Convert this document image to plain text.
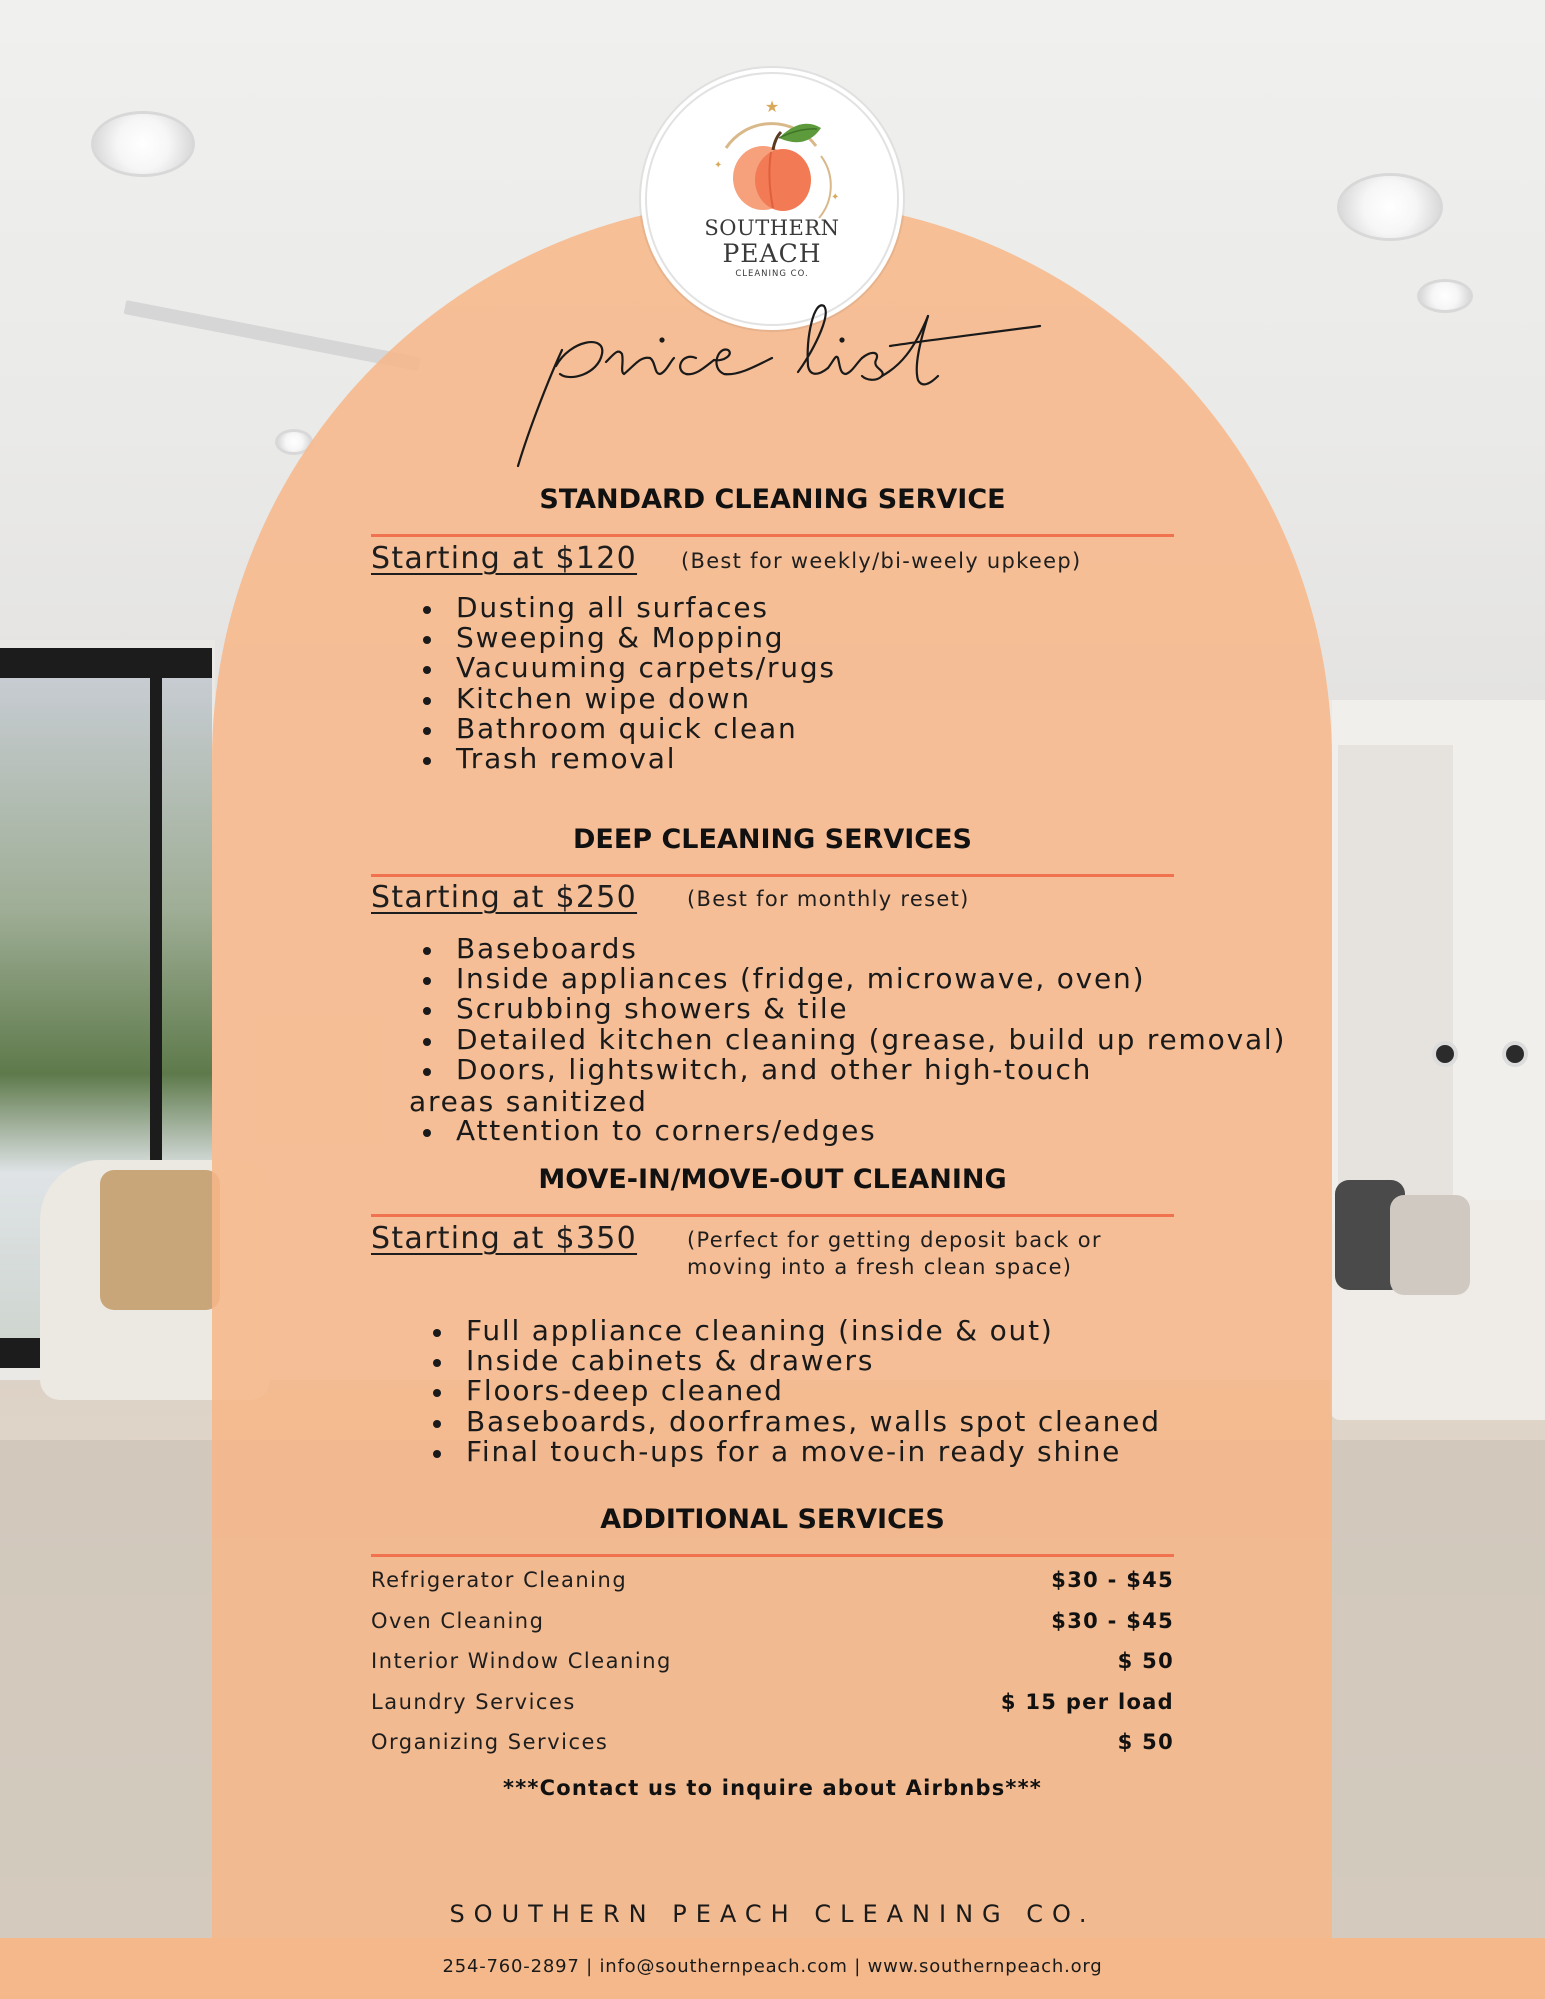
★
✦
✦
SOUTHERN
PEACH
CLEANING CO.
STANDARD CLEANING SERVICE
Starting at $120 (Best for weekly/bi-weely upkeep)
Dusting all surfaces
Sweeping & Mopping
Vacuuming carpets/rugs
Kitchen wipe down
Bathroom quick clean
Trash removal
DEEP CLEANING SERVICES
Starting at $250 (Best for monthly reset)
Baseboards
Inside appliances (fridge, microwave, oven)
Scrubbing showers & tile
Detailed kitchen cleaning (grease, build up removal)
Doors, lightswitch, and other high-touch
areas sanitized
Attention to corners/edges
MOVE-IN/MOVE-OUT CLEANING
Starting at $350 (Perfect for getting deposit back or
moving into a fresh clean space)
Full appliance cleaning (inside & out)
Inside cabinets & drawers
Floors-deep cleaned
Baseboards, doorframes, walls spot cleaned
Final touch-ups for a move-in ready shine
ADDITIONAL SERVICES
Refrigerator Cleaning	$30 - $45
Oven Cleaning	$30 - $45
Interior Window Cleaning	$ 50
Laundry Services	$ 15 per load
Organizing Services	$ 50
***Contact us to inquire about Airbnbs***
SOUTHERN PEACH CLEANING CO.
254-760-2897 | info@southernpeach.com | www.southernpeach.org
